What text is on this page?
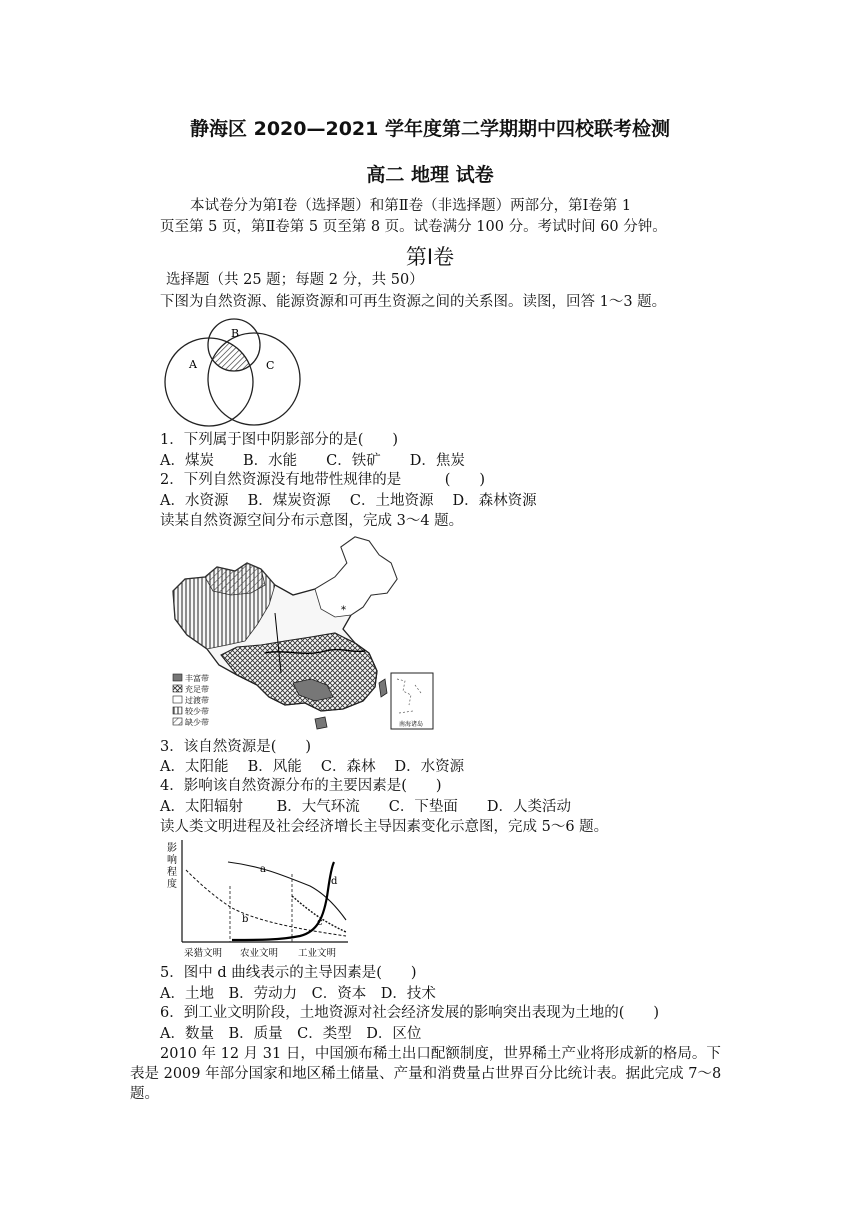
静海区 2020—2021 学年度第二学期期中四校联考检测
高二 地理 试卷
本试卷分为第Ⅰ卷（选择题）和第Ⅱ卷（非选择题）两部分，第Ⅰ卷第 1
页至第 5 页，第Ⅱ卷第 5 页至第 8 页。试卷满分 100 分。考试时间 60 分钟。
第Ⅰ卷
选择题（共 25 题；每题 2 分，共 50）
下图为自然资源、能源资源和可再生资源之间的关系图。读图，回答 1～3 题。
A
B
C
1．下列属于图中阴影部分的是(　　)
A．煤炭　　B．水能　　C．铁矿　　D．焦炭
2．下列自然资源没有地带性规律的是　　　(　　)
A．水资源　 B．煤炭资源　 C．土地资源　 D．森林资源
读某自然资源空间分布示意图，完成 3～4 题。
*
丰富带
充足带
过渡带
较少带
缺少带	南海诸岛
3．该自然资源是(　　)
A．太阳能　 B．风能　 C．森林　 D．水资源
4．影响该自然资源分布的主要因素是(　　)
A．太阳辐射　　 B．大气环流　　C．下垫面　　D．人类活动
读人类文明进程及社会经济增长主导因素变化示意图，完成 5～6 题。
影
响
程
度
a
b	c
d
采猎文明 农业文明 工业文明
5．图中 d 曲线表示的主导因素是(　　)
A．土地　B．劳动力　C．资本　D．技术
6．到工业文明阶段，土地资源对社会经济发展的影响突出表现为土地的(　　)
A．数量　B．质量　C．类型　D．区位
2010 年 12 月 31 日，中国颁布稀土出口配额制度，世界稀土产业将形成新的格局。下
表是 2009 年部分国家和地区稀土储量、产量和消费量占世界百分比统计表。据此完成 7～8
题。
